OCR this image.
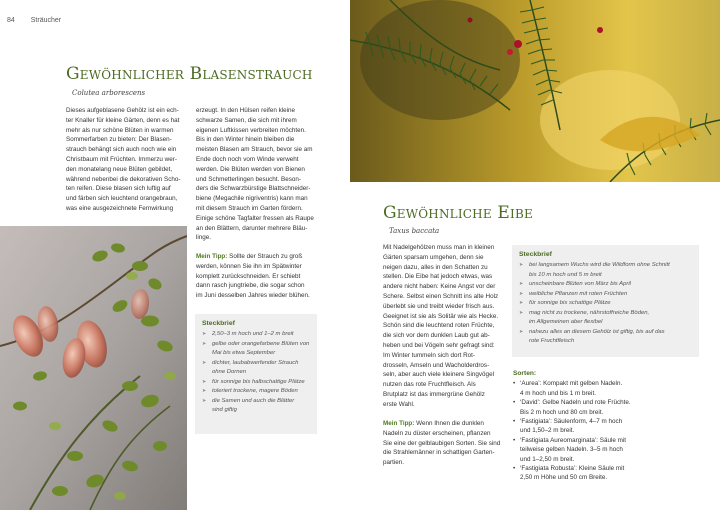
84 Sträucher
Gewöhnlicher Blasenstrauch
Colutea arborescens
Dieses aufgeblasene Gehölz ist ein ech-
ter Knaller für kleine Gärten, denn es hat
mehr als nur schöne Blüten in warmen
Sommerfarben zu bieten: Der Blasen-
strauch behängt sich auch noch wie ein
Christbaum mit Früchten. Immerzu wer-
den monatelang neue Blüten gebildet,
während nebenbei die dekorativen Scho-
ten reifen. Diese blasen sich luftig auf
und färben sich leuchtend orangebraun,
was eine ausgezeichnete Fernwirkung
erzeugt. In den Hülsen reifen kleine
schwarze Samen, die sich mit ihrem
eigenen Luftkissen verbreiten möchten.
Bis in den Winter hinein bleiben die
meisten Blasen am Strauch, bevor sie am
Ende doch noch vom Winde verweht
werden. Die Blüten werden von Bienen
und Schmetterlingen besucht. Beson-
ders die Schwarzbürstige Blattschneider-
biene (Megachile nigriventris) kann man
mit diesem Strauch im Garten fördern.
Einige schöne Tagfalter fressen als Raupe
an den Blättern, darunter mehrere Bläu-
linge.
Mein Tipp: Sollte der Strauch zu groß
werden, können Sie ihn im Spätwinter
komplett zurückschneiden. Er schiebt
dann rasch jungtriebe, die sogar schon
im Juni desselben Jahres wieder blühen.
Steckbrief
➤ 2,50–3 m hoch und 1–2 m breit
➤ gelbe oder orangefarbene Blüten von
Mai bis etwa September
➤ dichter, laubabwerfender Strauch
ohne Dornen
➤ für sonnige bis halbschattige Plätze
➤ toleriert trockene, magere Böden
➤ die Samen und auch die Blätter
sind giftig
Gewöhnliche Eibe
Taxus baccata
Mit Nadelgehölzen muss man in kleinen
Gärten sparsam umgehen, denn sie
neigen dazu, alles in den Schatten zu
stellen. Die Eibe hat jedoch etwas, was
andere nicht haben: Keine Angst vor der
Schere. Selbst einen Schnitt ins alte Holz
überlebt sie und treibt wieder frisch aus.
Geeignet ist sie als Solitär wie als Hecke.
Schön sind die leuchtend roten Früchte,
die sich vor dem dunklen Laub gut ab-
heben und bei Vögeln sehr gefragt sind:
Im Winter tummeln sich dort Rot-
drosseln, Amseln und Wacholderdros-
seln, aber auch viele kleinere Singvögel
nutzen das rote Fruchtfleisch. Als
Brutplatz ist das immergrüne Gehölz
erste Wahl.
Mein Tipp: Wenn Ihnen die dunklen
Nadeln zu düster erscheinen, pflanzen
Sie eine der gelblaubigen Sorten. Sie sind
die Strahlemänner in schattigen Garten-
partien.
Steckbrief
➤ bei langsamem Wuchs wird die Wildform ohne Schnitt
bis 10 m hoch und 5 m breit
➤ unscheinbare Blüten von März bis April
➤ weibliche Pflanzen mit roten Früchten
➤ für sonnige bis schattige Plätze
➤ mag nicht zu trockene, nährstoffreiche Böden,
im Allgemeinen aber flexibel
➤ nahezu alles an diesem Gehölz ist giftig, bis auf das
rote Fruchtfleisch
Sorten:
• ‘Aurea’: Kompakt mit gelben Nadeln.
4 m hoch und bis 1 m breit.
• ‘David’: Gelbe Nadeln und rote Früchte.
Bis 2 m hoch und 80 cm breit.
• ‘Fastigiata’: Säulenform, 4–7 m hoch
und 1,50–2 m breit.
• ‘Fastigiata Aureomarginata’: Säule mit
teilweise gelben Nadeln. 3–5 m hoch
und 1–2,50 m breit.
• ‘Fastigiata Robusta’: Kleine Säule mit
2,50 m Höhe und 50 cm Breite.
